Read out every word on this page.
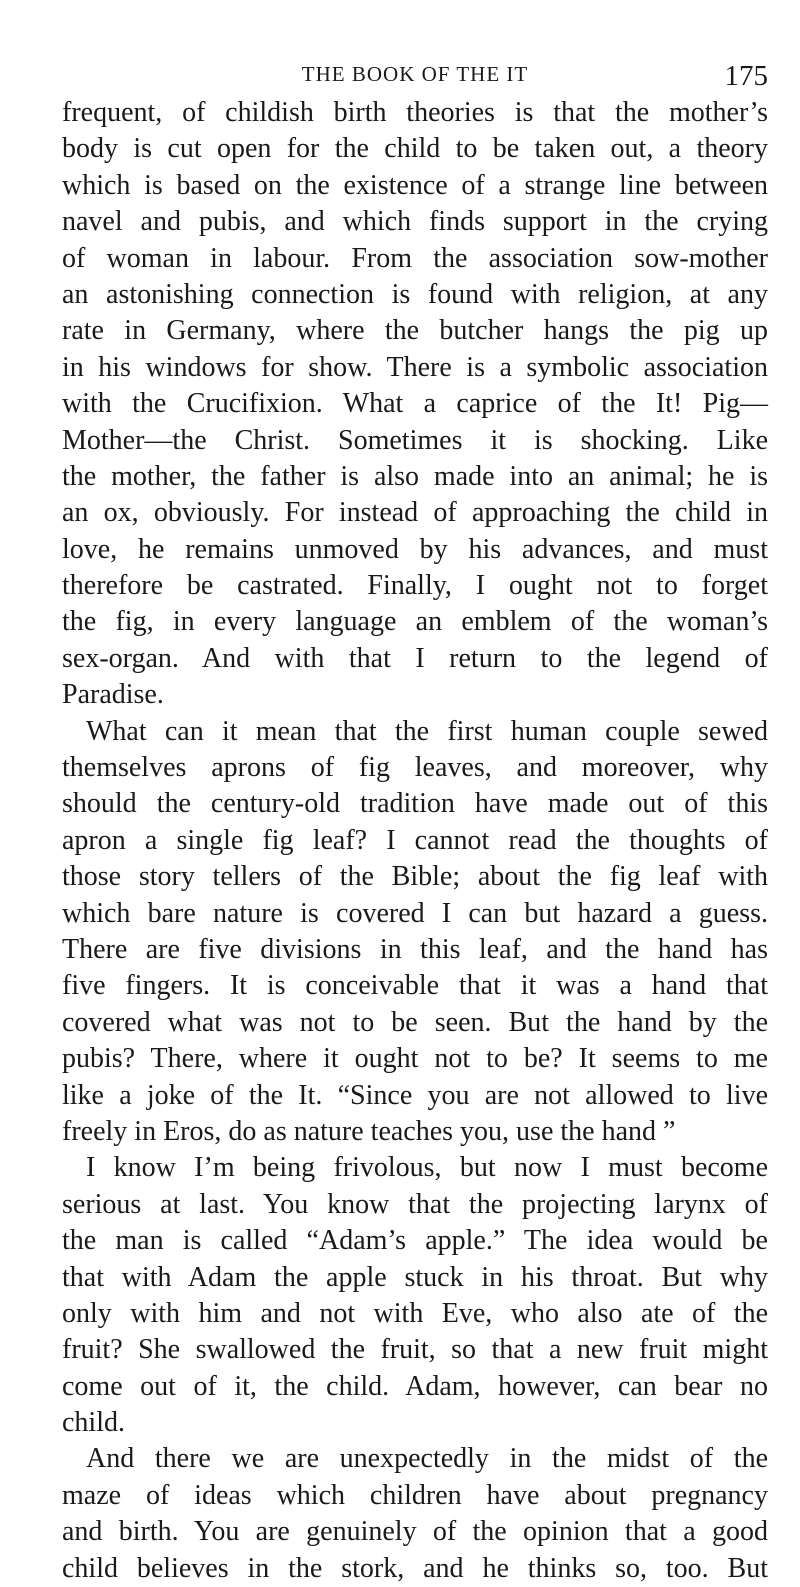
THE BOOK OF THE IT	175
frequent, of childish birth theories is that the mother’s
body is cut open for the child to be taken out, a theory
which is based on the existence of a strange line between
navel and pubis, and which finds support in the crying
of woman in labour. From the association sow-mother
an astonishing connection is found with religion, at any
rate in Germany, where the butcher hangs the pig up
in his windows for show. There is a symbolic association
with the Crucifixion. What a caprice of the It! Pig—
Mother—the Christ. Sometimes it is shocking. Like
the mother, the father is also made into an animal; he is
an ox, obviously. For instead of approaching the child in
love, he remains unmoved by his advances, and must
therefore be castrated. Finally, I ought not to forget
the fig, in every language an emblem of the woman’s
sex-organ. And with that I return to the legend of
Paradise.
What can it mean that the first human couple sewed
themselves aprons of fig leaves, and moreover, why
should the century-old tradition have made out of this
apron a single fig leaf? I cannot read the thoughts of
those story tellers of the Bible; about the fig leaf with
which bare nature is covered I can but hazard a guess.
There are five divisions in this leaf, and the hand has
five fingers. It is conceivable that it was a hand that
covered what was not to be seen. But the hand by the
pubis? There, where it ought not to be? It seems to me
like a joke of the It. “Since you are not allowed to live
freely in Eros, do as nature teaches you, use the hand ”
I know I’m being frivolous, but now I must become
serious at last. You know that the projecting larynx of
the man is called “Adam’s apple.” The idea would be
that with Adam the apple stuck in his throat. But why
only with him and not with Eve, who also ate of the
fruit? She swallowed the fruit, so that a new fruit might
come out of it, the child. Adam, however, can bear no
child.
And there we are unexpectedly in the midst of the
maze of ideas which children have about pregnancy
and birth. You are genuinely of the opinion that a good
child believes in the stork, and he thinks so, too. But
